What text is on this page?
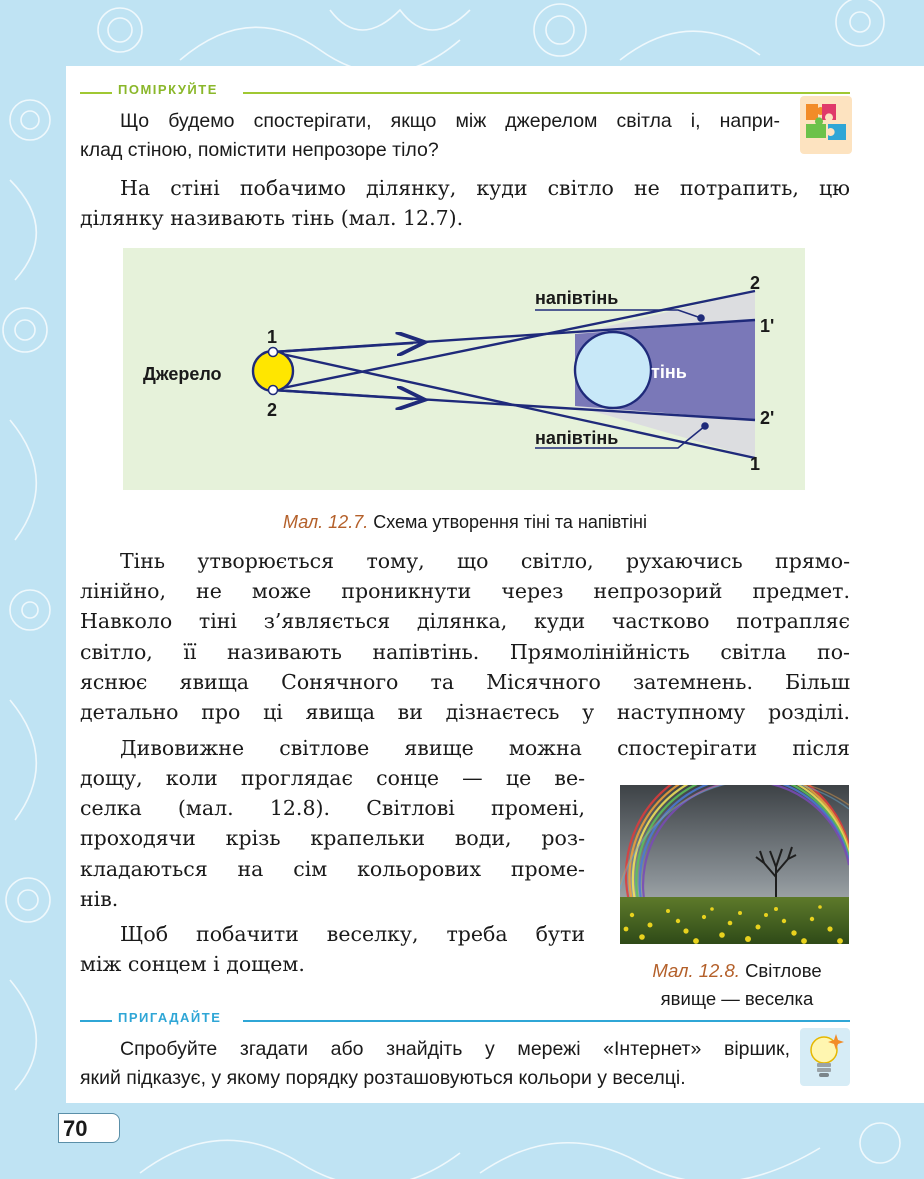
70
ПОМІРКУЙТЕ
Що будемо спостерігати, якщо між джерелом світла і, напри-
клад стіною, помістити непрозоре тіло?
На стіні побачимо ділянку, куди світло не потрапить, цю
ділянку називають тінь (мал. 12.7).
Джерело
1
2
тінь
напівтінь
напівтінь
2
1'
2'
1
Мал. 12.7. Схема утворення тіні та напівтіні
Тінь утворюється тому, що світло, рухаючись прямо-
лінійно, не може проникнути через непрозорий предмет.
Навколо тіні з’являється ділянка, куди частково потрапляє
світло, її називають напівтінь. Прямолінійність світла по-
яснює явища Сонячного та Місячного затемнень. Більш
детально про ці явища ви дізнаєтесь у наступному розділі.
Дивовижне світлове явище можна спостерігати після
дощу, коли проглядає сонце — це ве-
селка (мал. 12.8). Світлові промені,
проходячи крізь крапельки води, роз-
кладаються на сім кольорових проме-
нів.
Щоб побачити веселку, треба бути
між сонцем і дощем.	Мал. 12.8. Світлове
явище — веселка
ПРИГАДАЙТЕ
Спробуйте згадати або знайдіть у мережі «Інтернет» віршик,
який підказує, у якому порядку розташовуються кольори у веселці.
